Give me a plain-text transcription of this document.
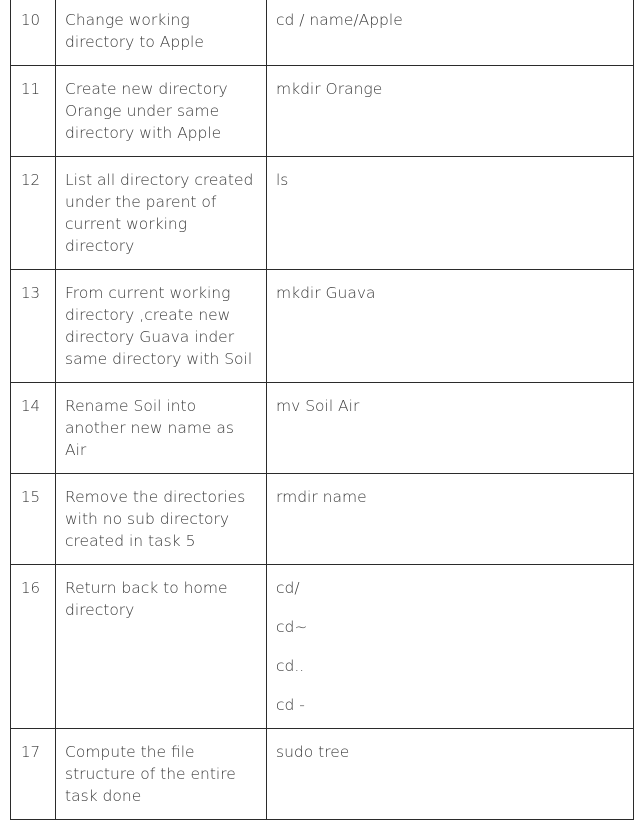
10	Change working directory to Apple	cd / name/Apple

11	Create new directory Orange under same directory with Apple	mkdir Orange

12	List all directory created under the parent of current working directory	ls

13	From current working directory ,create new directory Guava inder same directory with Soil	mkdir Guava

14	Rename Soil into another new name as Air	mv Soil Air

15	Remove the directories with no sub directory created in task 5	rmdir name

16	Return back to home directory	cd/
cd~
cd..
cd -

17	Compute the file structure of the entire task done	sudo tree
